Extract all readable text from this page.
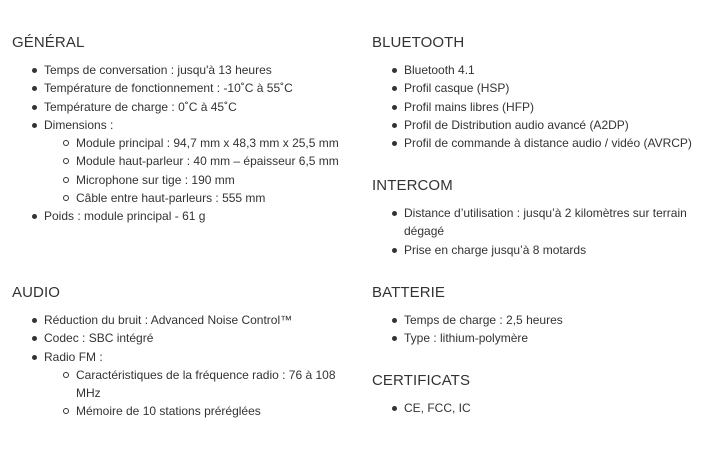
GÉNÉRAL
Temps de conversation : jusqu'à 13 heures
Température de fonctionnement : -10˚C à 55˚C
Température de charge : 0˚C à 45˚C
Dimensions :
Module principal : 94,7 mm x 48,3 mm x 25,5 mm
Module haut-parleur : 40 mm – épaisseur 6,5 mm
Microphone sur tige : 190 mm
Câble entre haut-parleurs : 555 mm
Poids : module principal - 61 g
AUDIO
Réduction du bruit : Advanced Noise Control™
Codec : SBC intégré
Radio FM :
Caractéristiques de la fréquence radio : 76 à 108 MHz
Mémoire de 10 stations préréglées
BLUETOOTH
Bluetooth 4.1
Profil casque (HSP)
Profil mains libres (HFP)
Profil de Distribution audio avancé (A2DP)
Profil de commande à distance audio / vidéo (AVRCP)
INTERCOM
Distance d’utilisation : jusqu’à 2 kilomètres sur terrain dégagé
Prise en charge jusqu’à 8 motards
BATTERIE
Temps de charge : 2,5 heures
Type : lithium-polymère
CERTIFICATS
CE, FCC, IC
